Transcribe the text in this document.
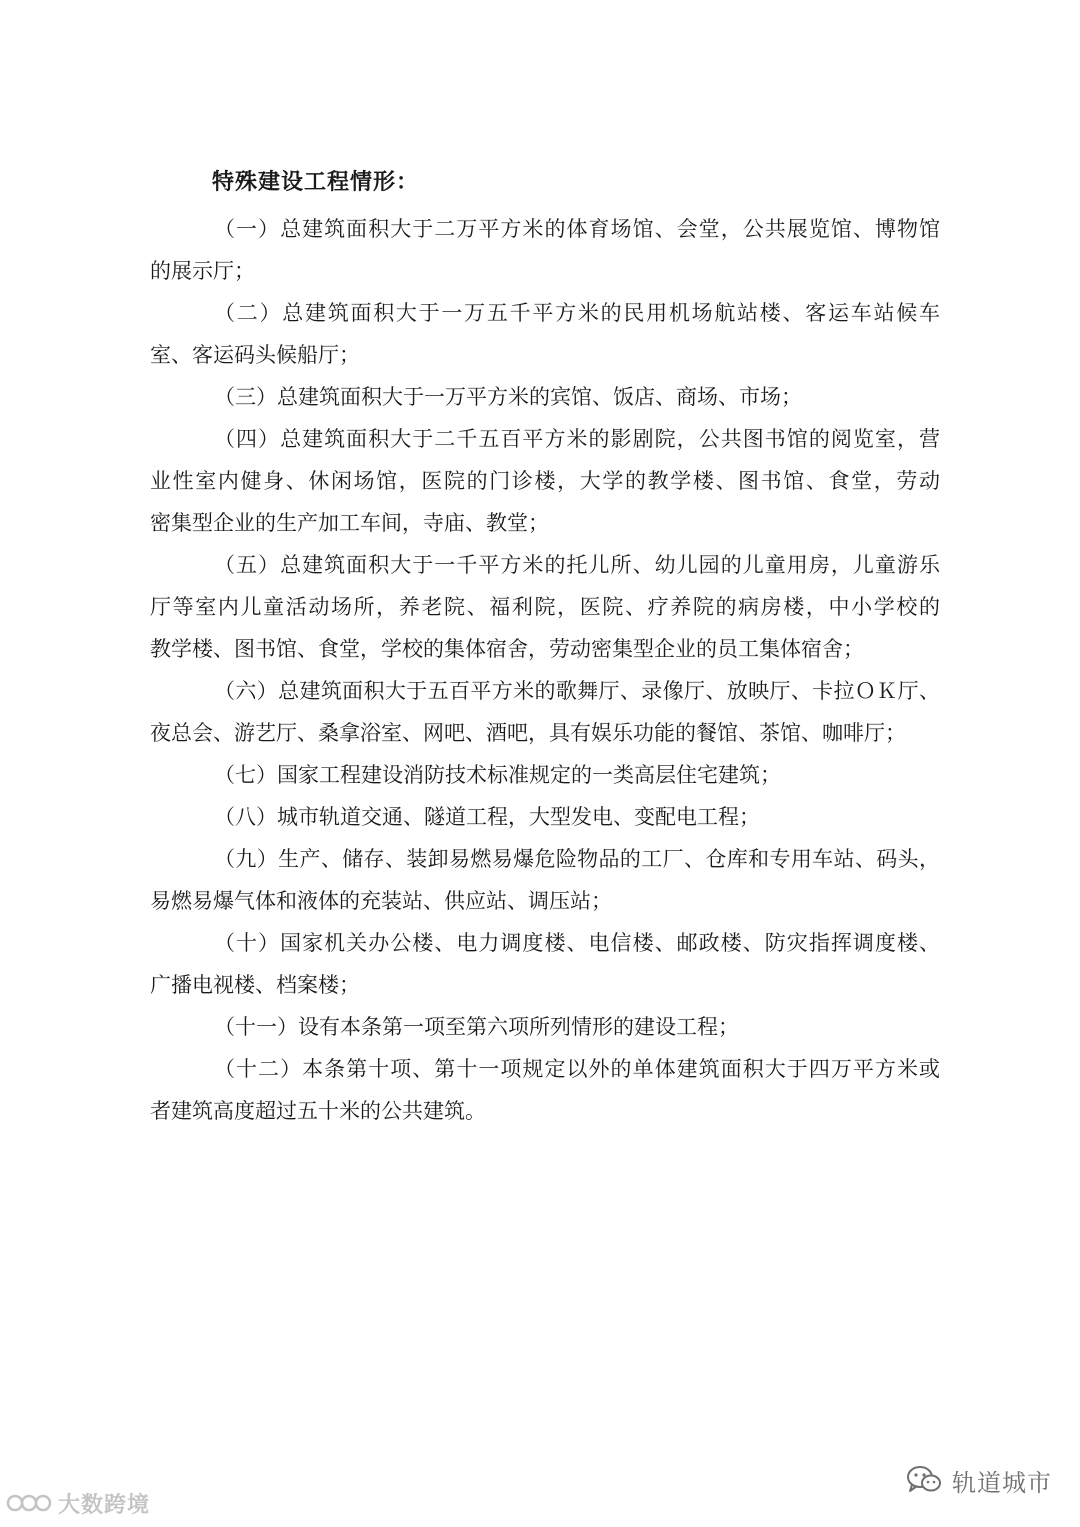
特殊建设工程情形：

（一）总建筑面积大于二万平方米的体育场馆、会堂，公共展览馆、博物馆
的展示厅；

（二）总建筑面积大于一万五千平方米的民用机场航站楼、客运车站候车
室、客运码头候船厅；

（三）总建筑面积大于一万平方米的宾馆、饭店、商场、市场；

（四）总建筑面积大于二千五百平方米的影剧院，公共图书馆的阅览室，营
业性室内健身、休闲场馆，医院的门诊楼，大学的教学楼、图书馆、食堂，劳动
密集型企业的生产加工车间，寺庙、教堂；

（五）总建筑面积大于一千平方米的托儿所、幼儿园的儿童用房，儿童游乐
厅等室内儿童活动场所，养老院、福利院，医院、疗养院的病房楼，中小学校的
教学楼、图书馆、食堂，学校的集体宿舍，劳动密集型企业的员工集体宿舍；

（六）总建筑面积大于五百平方米的歌舞厅、录像厅、放映厅、卡拉ＯＫ厅、
夜总会、游艺厅、桑拿浴室、网吧、酒吧，具有娱乐功能的餐馆、茶馆、咖啡厅；

（七）国家工程建设消防技术标准规定的一类高层住宅建筑；

（八）城市轨道交通、隧道工程，大型发电、变配电工程；

（九）生产、储存、装卸易燃易爆危险物品的工厂、仓库和专用车站、码头，
易燃易爆气体和液体的充装站、供应站、调压站；

（十）国家机关办公楼、电力调度楼、电信楼、邮政楼、防灾指挥调度楼、
广播电视楼、档案楼；

（十一）设有本条第一项至第六项所列情形的建设工程；

（十二）本条第十项、第十一项规定以外的单体建筑面积大于四万平方米或
者建筑高度超过五十米的公共建筑。

大数跨境
轨道城市
